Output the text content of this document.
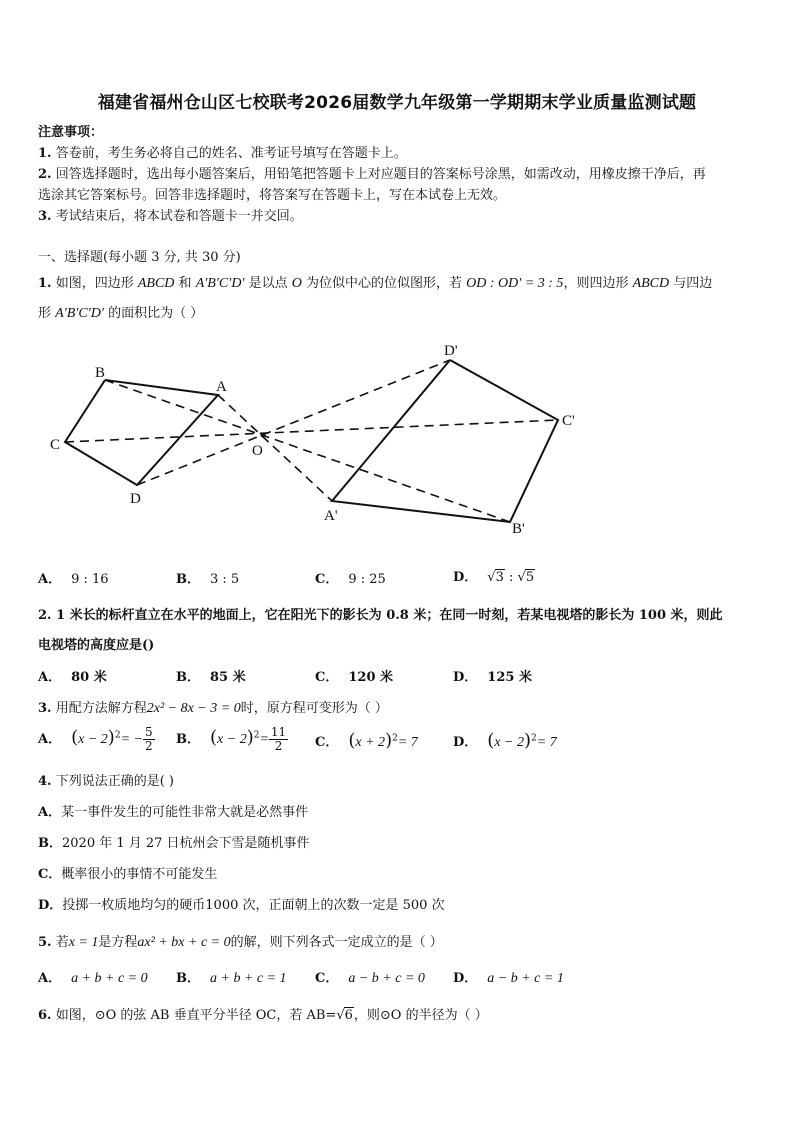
福建省福州仓山区七校联考2026届数学九年级第一学期期末学业质量监测试题
注意事项：
1. 答卷前，考生务必将自己的姓名、准考证号填写在答题卡上。
2. 回答选择题时，选出每小题答案后，用铅笔把答题卡上对应题目的答案标号涂黑，如需改动，用橡皮擦干净后，再
选涂其它答案标号。回答非选择题时，将答案写在答题卡上，写在本试卷上无效。
3. 考试结束后，将本试卷和答题卡一并交回。
一、选择题(每小题 3 分, 共 30 分)
1. 如图，四边形 ABCD 和 A′B′C′D′ 是以点 O 为位似中心的位似图形，若 OD : OD′ = 3 : 5，则四边形 ABCD 与四边
形 A′B′C′D′ 的面积比为（ ）
B
A
C
D
O
D'
C'
A'
B'
A． 9 : 16	B． 3 : 5	C． 9 : 25	D． √3 : √5
2. 1 米长的标杆直立在水平的地面上，它在阳光下的影长为 0.8 米；在同一时刻，若某电视塔的影长为 100 米，则此
电视塔的高度应是()
A． 80 米	B． 85 米	C． 120 米	D． 125 米
3. 用配方法解方程2x² − 8x − 3 = 0时，原方程可变形为（ ）
A． $(x - 2)^2= - \frac{5}{2}$ B． $(x - 2)^2= \frac{11}{2}$ C． $(x + 2)^2= 7$	D． $(x - 2)^2= 7$
4. 下列说法正确的是( )
A．某一事件发生的可能性非常大就是必然事件
B．2020 年 1 月 27 日杭州会下雪是随机事件
C．概率很小的事情不可能发生
D．投掷一枚质地均匀的硬币1000 次，正面朝上的次数一定是 500 次
5. 若x = 1是方程ax² + bx + c = 0的解，则下列各式一定成立的是（ ）
A． a + b + c = 0 B． a + b + c = 1 C． a − b + c = 0 D． a − b + c = 1
6. 如图，⊙O 的弦 AB 垂直平分半径 OC，若 AB=√6，则⊙O 的半径为（ ）
